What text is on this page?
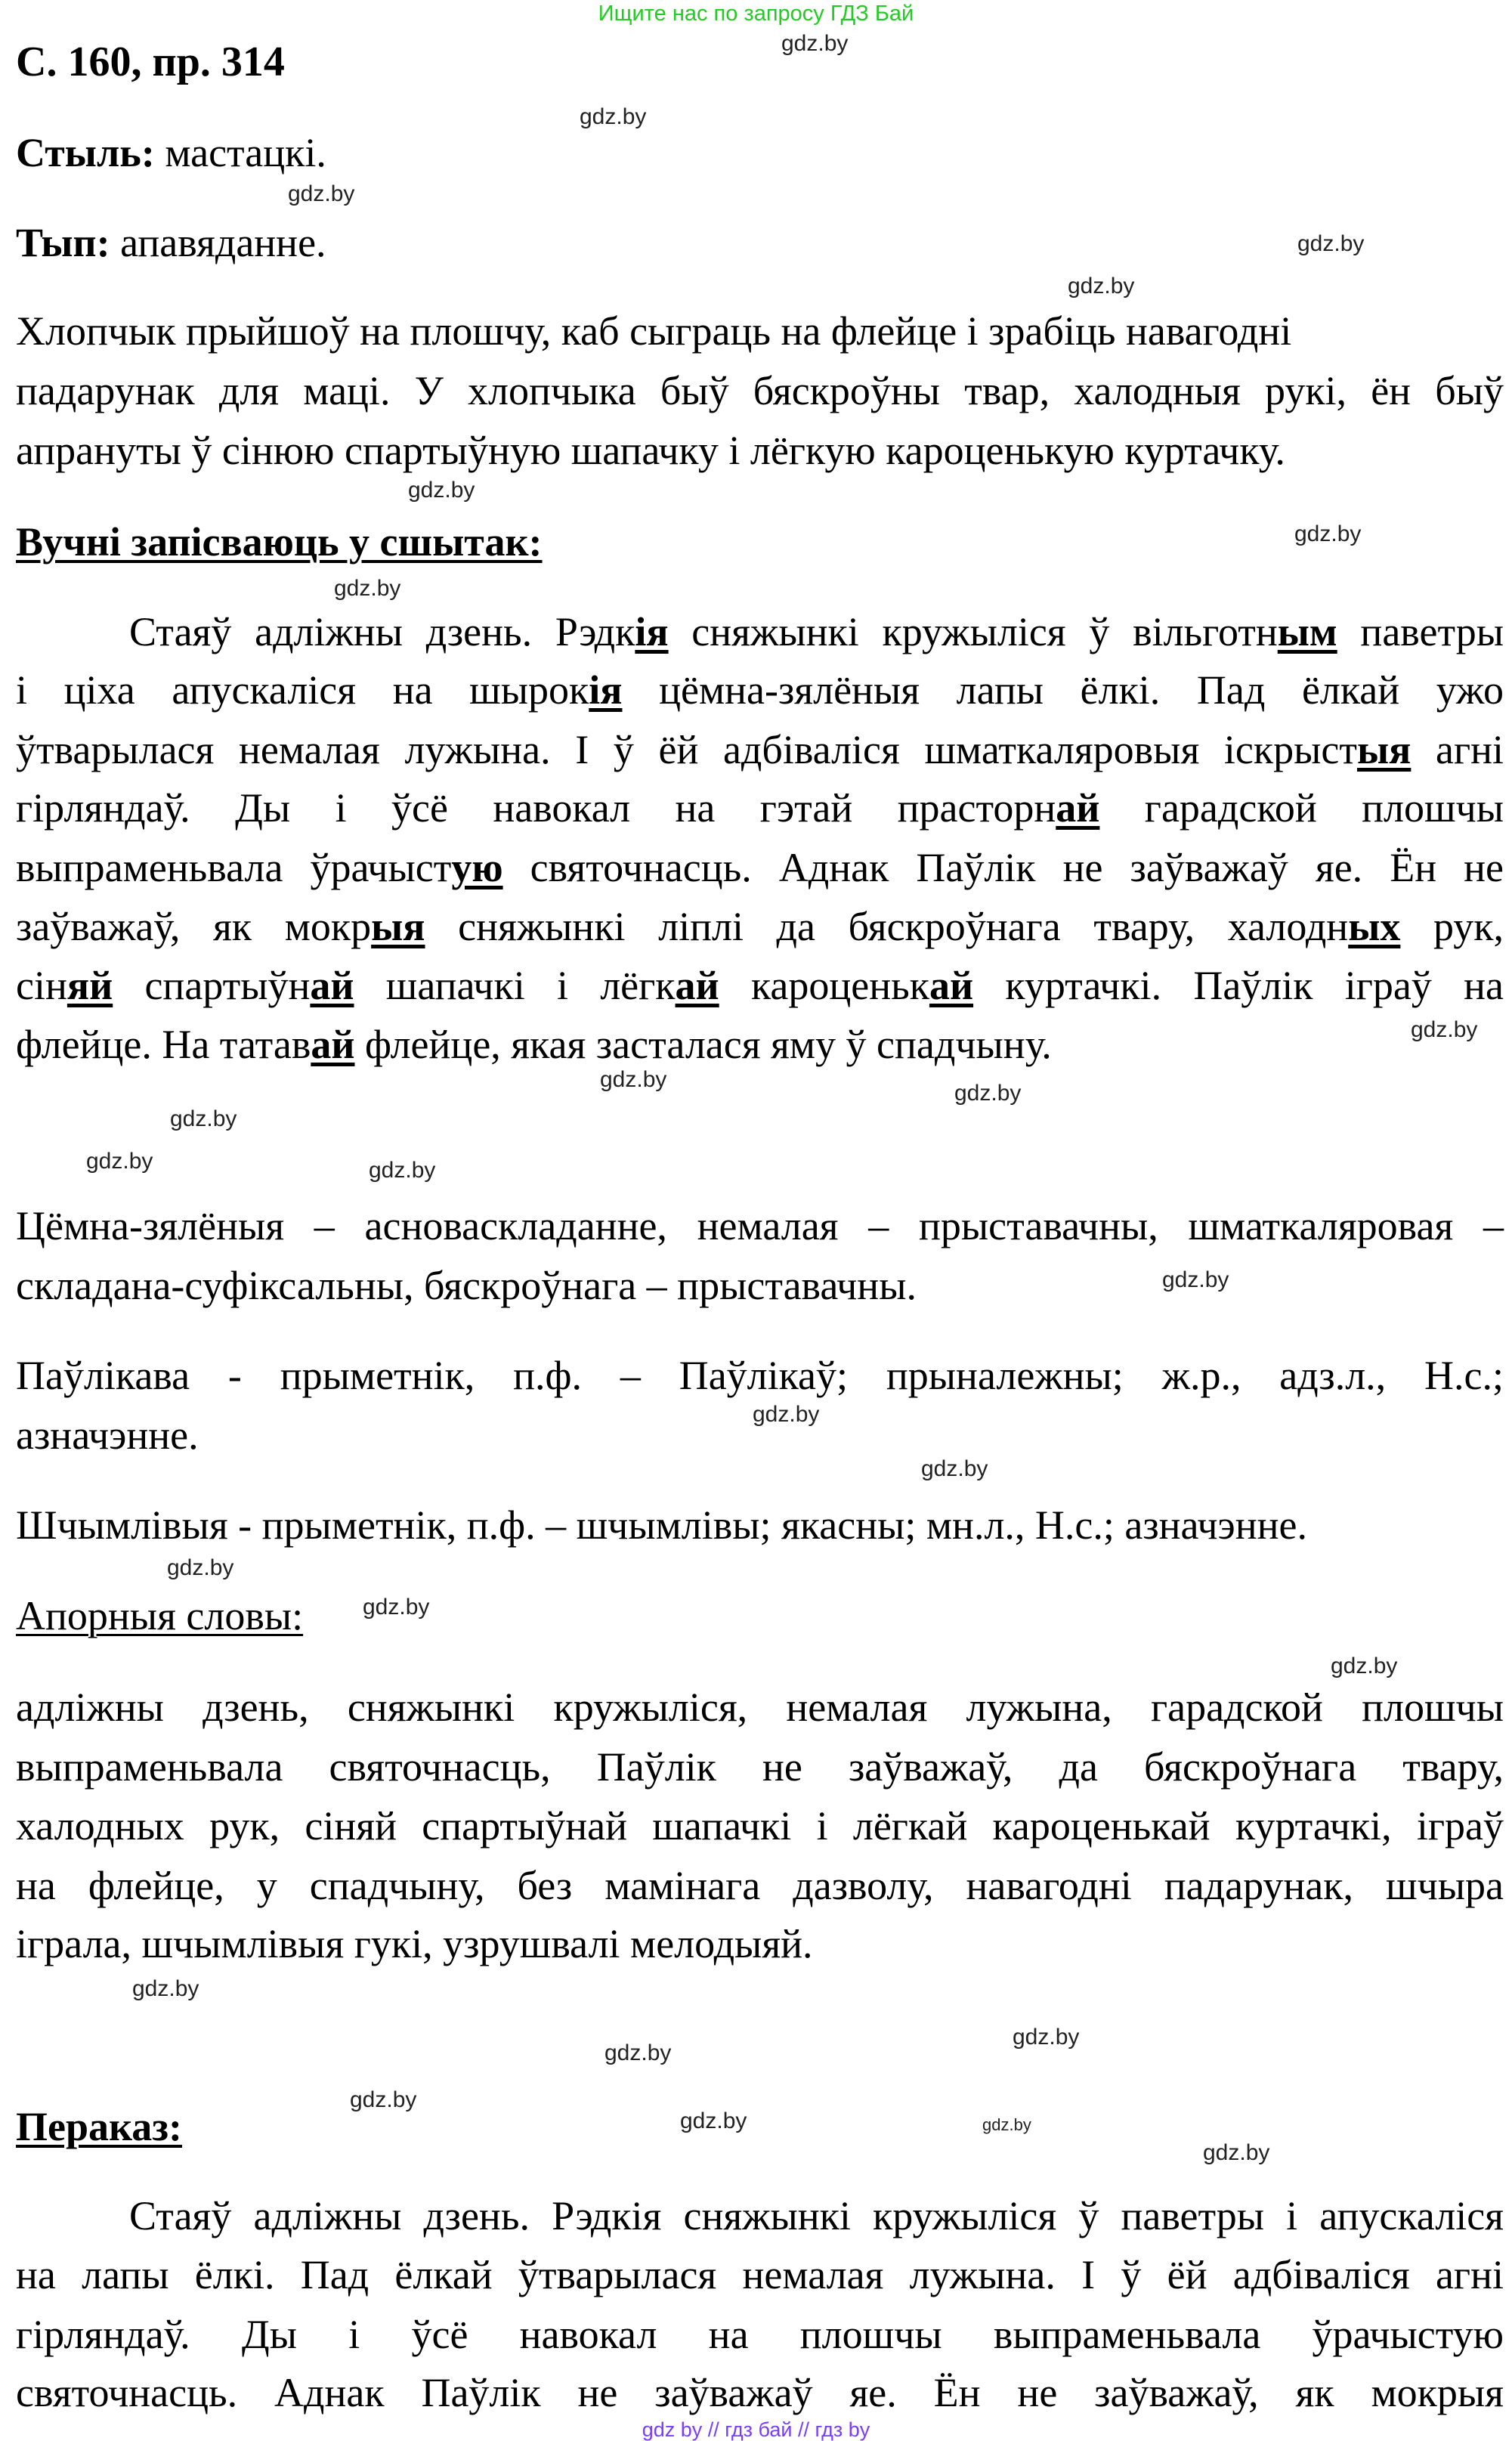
Ищите нас по запросу ГДЗ Бай
С. 160, пр. 314
Стыль: мастацкі.
Тып: апавяданне.
Хлопчык прыйшоў на плошчу, каб сыграць на флейце і зрабіць навагодні
падарунак для маці. У хлопчыка быў бяскроўны твар, халодныя рукі, ён быў
апрануты ў сінюю спартыўную шапачку і лёгкую кароценькую куртачку.
Вучні запісваюць у сшытак:
Стаяў адліжны дзень. Рэдкія сняжынкі кружыліся ў вільготным паветры
і ціха апускаліся на шырокія цёмна-зялёныя лапы ёлкі. Пад ёлкай ужо
ўтварылася немалая лужына. І ў ёй адбіваліся шматкаляровыя іскрыстыя агні
гірляндаў. Ды і ўсё навокал на гэтай прасторнай гарадской плошчы
выпраменьвала ўрачыстую святочнасць. Аднак Паўлік не заўважаў яе. Ён не
заўважаў, як мокрыя сняжынкі ліплі да бяскроўнага твару, халодных рук,
сіняй спартыўнай шапачкі і лёгкай кароценькай куртачкі. Паўлік іграў на
флейце. На татавай флейце, якая засталася яму ў спадчыну.
Цёмна-зялёныя – асноваскладанне, немалая – прыставачны, шматкаляровая –
складана-суфіксальны, бяскроўнага – прыставачны.
Паўлікава - прыметнік, п.ф. – Паўлікаў; прыналежны; ж.р., адз.л., Н.с.;
азначэнне.
Шчымлівыя - прыметнік, п.ф. – шчымлівы; якасны; мн.л., Н.с.; азначэнне.
Апорныя словы:
адліжны дзень, сняжынкі кружыліся, немалая лужына, гарадской плошчы
выпраменьвала святочнасць, Паўлік не заўважаў, да бяскроўнага твару,
халодных рук, сіняй спартыўнай шапачкі і лёгкай кароценькай куртачкі, іграў
на флейце, у спадчыну, без мамінага дазволу, навагодні падарунак, шчыра
іграла, шчымлівыя гукі, узрушвалі мелодыяй.
Пераказ:
Стаяў адліжны дзень. Рэдкія сняжынкі кружыліся ў паветры і апускаліся
на лапы ёлкі. Пад ёлкай ўтварылася немалая лужына. І ў ёй адбіваліся агні
гірляндаў. Ды і ўсё навокал на плошчы выпраменьвала ўрачыстую
святочнасць. Аднак Паўлік не заўважаў яе. Ён не заўважаў, як мокрыя
gdz.by
gdz.by
gdz.by
gdz.by
gdz.by
gdz.by
gdz.by
gdz.by
gdz.by
gdz.by	gdz.by
gdz.by
gdz.by
gdz.by
gdz.by
gdz.by
gdz.by
gdz.by
gdz.by
gdz.by
gdz.by
gdz.by
gdz.by
gdz.by
gdz.by
gdz.by
gdz.by
gdz by // гдз бай // гдз by
